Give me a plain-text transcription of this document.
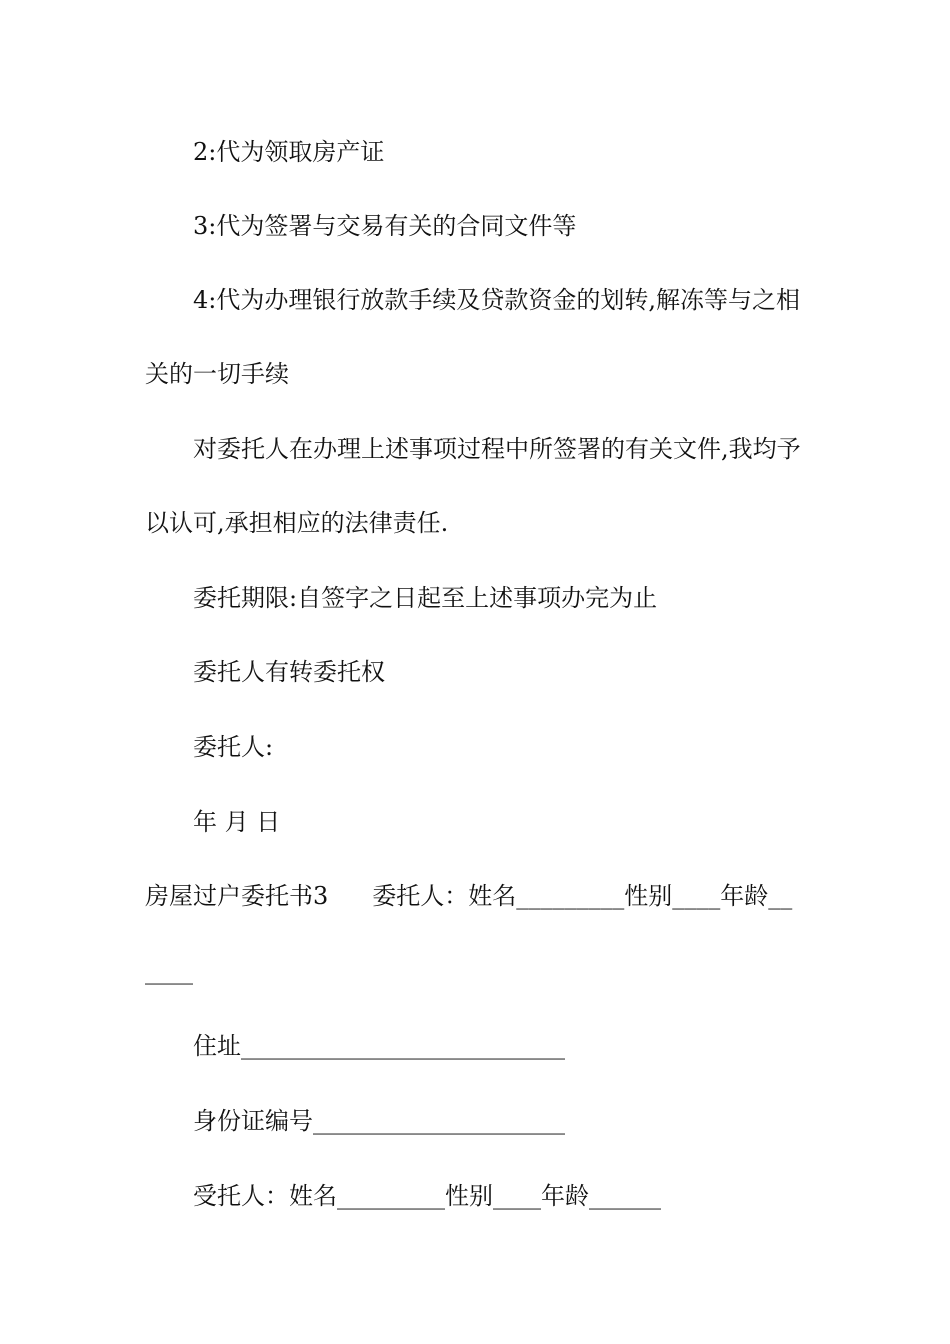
2:代为领取房产证
3:代为签署与交易有关的合同文件等
4:代为办理银行放款手续及贷款资金的划转,解冻等与之相
关的一切手续
对委托人在办理上述事项过程中所签署的有关文件,我均予
以认可,承担相应的法律责任.
委托期限:自签字之日起至上述事项办完为止
委托人有转委托权
委托人:
年 月 日
房屋过户委托书3 委托人：姓名_________性别____年龄__
____
住址___________________________
身份证编号_____________________
受托人：姓名_________性别____年龄______
